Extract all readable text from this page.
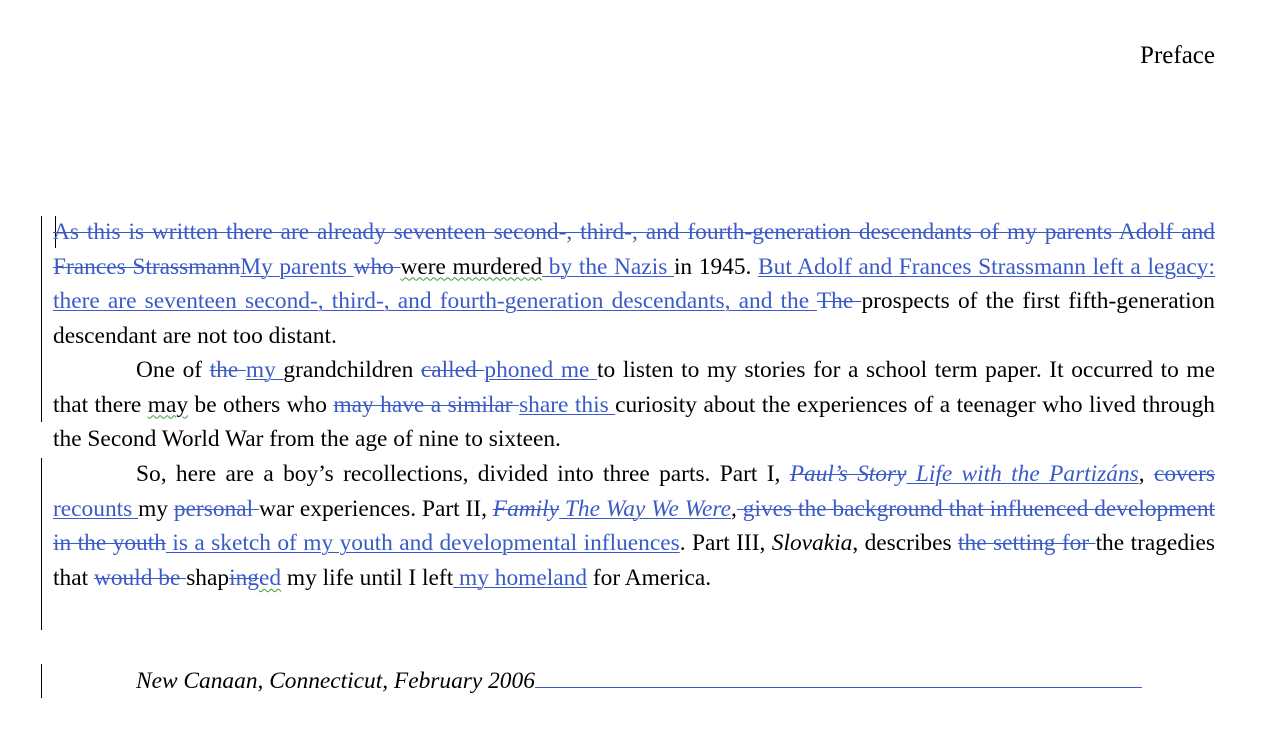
Preface

As this is written there are already seventeen second-, third-, and fourth-generation descendants of my parents Adolf and Frances StrassmannMy parents who were murdered by the Nazis in 1945. But Adolf and Frances Strassmann left a legacy: there are seventeen second-, third-, and fourth-generation descendants, and the The prospects of the first fifth-generation descendant are not too distant.

One of the my grandchildren called phoned me to listen to my stories for a school term paper. It occurred to me that there may be others who may have a similar share this curiosity about the experiences of a teenager who lived through the Second World War from the age of nine to sixteen.

So, here are a boy’s recollections, divided into three parts. Part I, Paul’s Story Life with the Partizáns, covers recounts my personal war experiences. Part II, Family The Way We Were, gives the background that influenced development in the youth is a sketch of my youth and developmental influences. Part III, Slovakia, describes the setting for the tragedies that would be shapinged my life until I left my homeland for America.

New Canaan, Connecticut, February 2006
